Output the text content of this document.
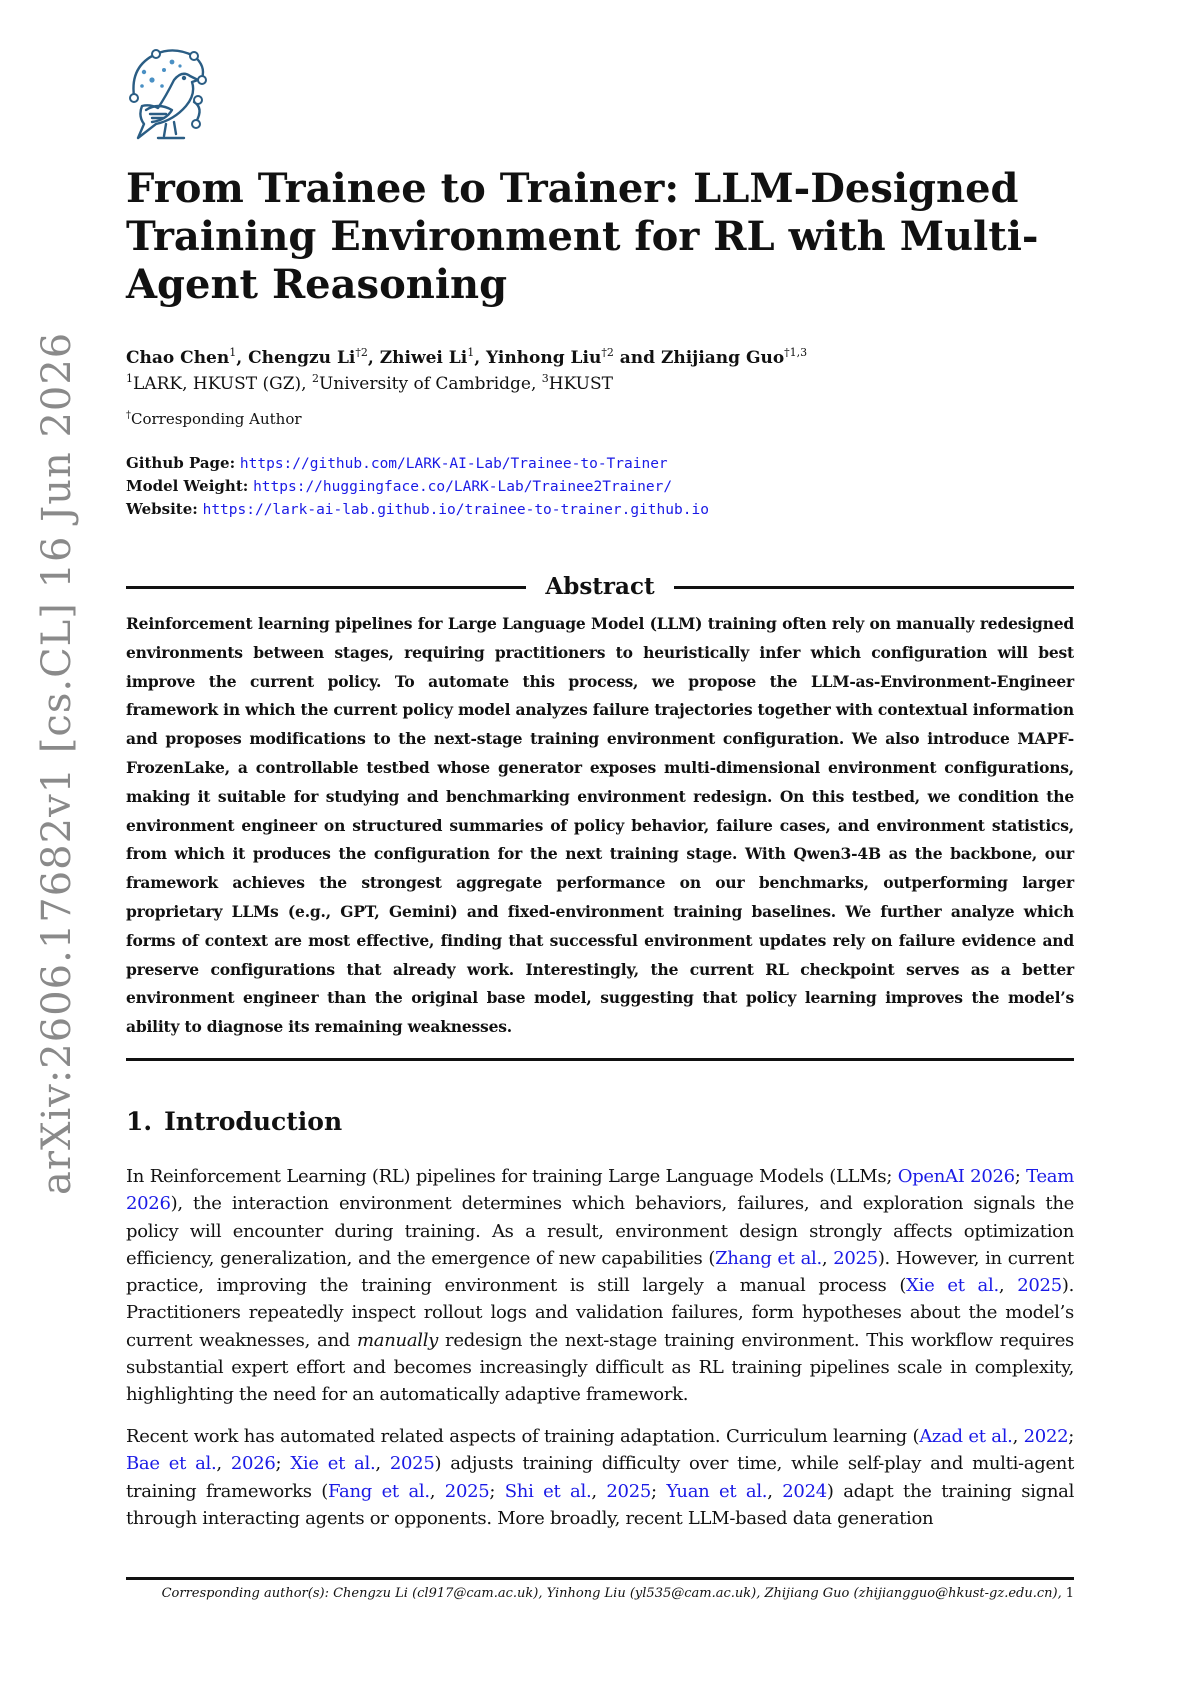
arXiv:2606.17682v1 [cs.CL] 16 Jun 2026
From Trainee to Trainer: LLM-Designed Training Environment for RL with Multi-Agent Reasoning
Chao Chen$^1$, Chengzu Li$^{\dagger 2}$, Zhiwei Li$^1$, Yinhong Liu$^{\dagger 2}$ and Zhijiang Guo$^{\dagger 1,3}$
$^1$LARK, HKUST (GZ), $^2$University of Cambridge, $^3$HKUST
†Corresponding Author
Github Page: https://github.com/LARK-AI-Lab/Trainee-to-Trainer
Model Weight: https://huggingface.co/LARK-Lab/Trainee2Trainer/
Website: https://lark-ai-lab.github.io/trainee-to-trainer.github.io
Abstract

Reinforcement learning pipelines for Large Language Model (LLM) training often rely on manually redesigned environments between stages, requiring practitioners to heuristically infer which configuration will best improve the current policy. To automate this process, we propose the LLM-as-Environment-Engineer framework in which the current policy model analyzes failure trajectories together with contextual information and proposes modifications to the next-stage training environment configuration. We also introduce MAPF-FrozenLake, a controllable testbed whose generator exposes multi-dimensional environment configurations, making it suitable for studying and benchmarking environment redesign. On this testbed, we condition the environment engineer on structured summaries of policy behavior, failure cases, and environment statistics, from which it produces the configuration for the next training stage. With Qwen3-4B as the backbone, our framework achieves the strongest aggregate performance on our benchmarks, outperforming larger proprietary LLMs (e.g., GPT, Gemini) and fixed-environment training baselines. We further analyze which forms of context are most effective, finding that successful environment updates rely on failure evidence and preserve configurations that already work. Interestingly, the current RL checkpoint serves as a better environment engineer than the original base model, suggesting that policy learning improves the model’s ability to diagnose its remaining weaknesses.

1. Introduction

In Reinforcement Learning (RL) pipelines for training Large Language Models (LLMs; OpenAI 2026; Team 2026), the interaction environment determines which behaviors, failures, and exploration signals the policy will encounter during training. As a result, environment design strongly affects optimization efficiency, generalization, and the emergence of new capabilities (Zhang et al., 2025). However, in current practice, improving the training environment is still largely a manual process (Xie et al., 2025). Practitioners repeatedly inspect rollout logs and validation failures, form hypotheses about the model’s current weaknesses, and manually redesign the next-stage training environment. This workflow requires substantial expert effort and becomes increasingly difficult as RL training pipelines scale in complexity, highlighting the need for an automatically adaptive framework.

Recent work has automated related aspects of training adaptation. Curriculum learning (Azad et al., 2022; Bae et al., 2026; Xie et al., 2025) adjusts training difficulty over time, while self-play and multi-agent training frameworks (Fang et al., 2025; Shi et al., 2025; Yuan et al., 2024) adapt the training signal through interacting agents or opponents. More broadly, recent LLM-based data generation

Corresponding author(s): Chengzu Li (cl917@cam.ac.uk), Yinhong Liu (yl535@cam.ac.uk), Zhijiang Guo (zhijiangguo@hkust-gz.edu.cn), 1
